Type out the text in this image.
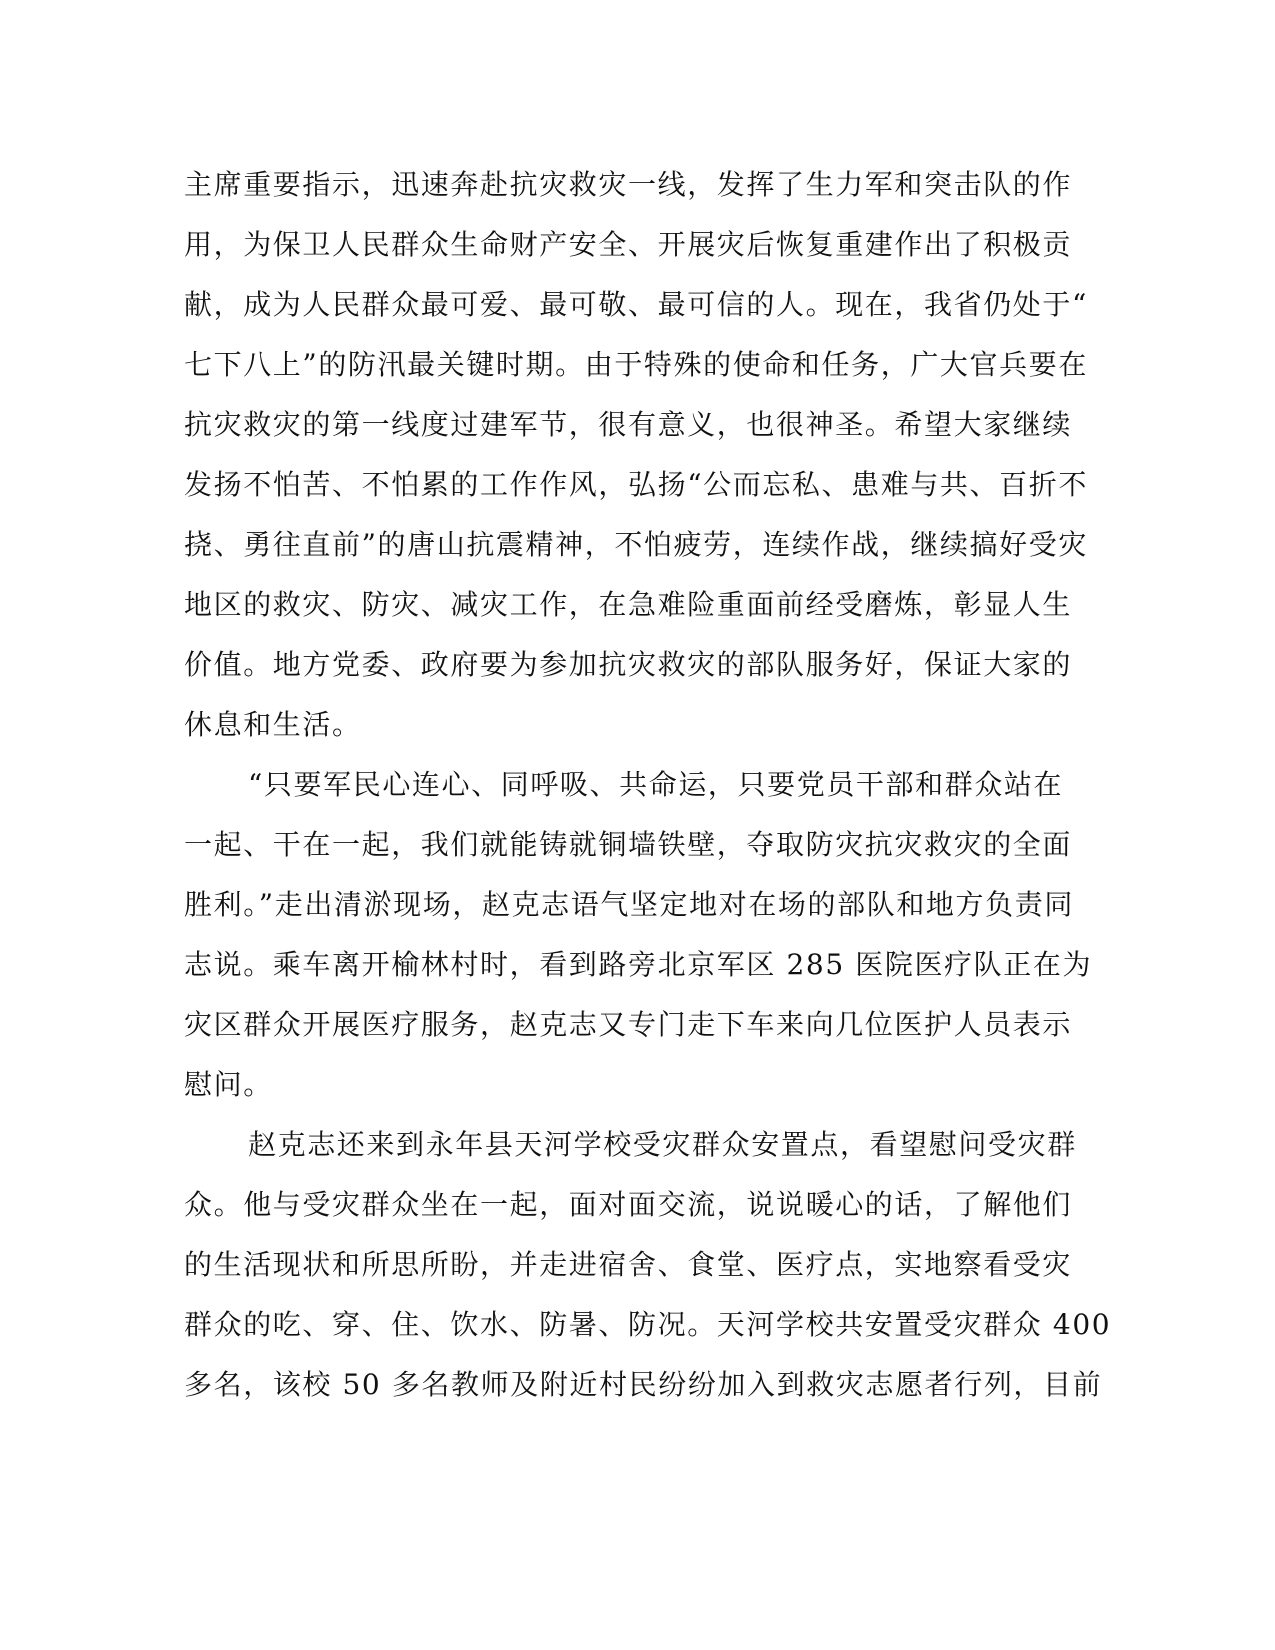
主席重要指示，迅速奔赴抗灾救灾一线，发挥了生力军和突击队的作
用，为保卫人民群众生命财产安全、开展灾后恢复重建作出了积极贡
献，成为人民群众最可爱、最可敬、最可信的人。现在，我省仍处于“
七下八上”的防汛最关键时期。由于特殊的使命和任务，广大官兵要在
抗灾救灾的第一线度过建军节，很有意义，也很神圣。希望大家继续
发扬不怕苦、不怕累的工作作风，弘扬“公而忘私、患难与共、百折不
挠、勇往直前”的唐山抗震精神，不怕疲劳，连续作战，继续搞好受灾
地区的救灾、防灾、减灾工作，在急难险重面前经受磨炼，彰显人生
价值。地方党委、政府要为参加抗灾救灾的部队服务好，保证大家的
休息和生活。
“只要军民心连心、同呼吸、共命运，只要党员干部和群众站在
一起、干在一起，我们就能铸就铜墙铁壁，夺取防灾抗灾救灾的全面
胜利。”走出清淤现场，赵克志语气坚定地对在场的部队和地方负责同
志说。乘车离开榆林村时，看到路旁北京军区 285 医院医疗队正在为
灾区群众开展医疗服务，赵克志又专门走下车来向几位医护人员表示
慰问。
赵克志还来到永年县天河学校受灾群众安置点，看望慰问受灾群
众。他与受灾群众坐在一起，面对面交流，说说暖心的话，了解他们
的生活现状和所思所盼，并走进宿舍、食堂、医疗点，实地察看受灾
群众的吃、穿、住、饮水、防暑、防况。天河学校共安置受灾群众 400
多名，该校 50 多名教师及附近村民纷纷加入到救灾志愿者行列，目前
